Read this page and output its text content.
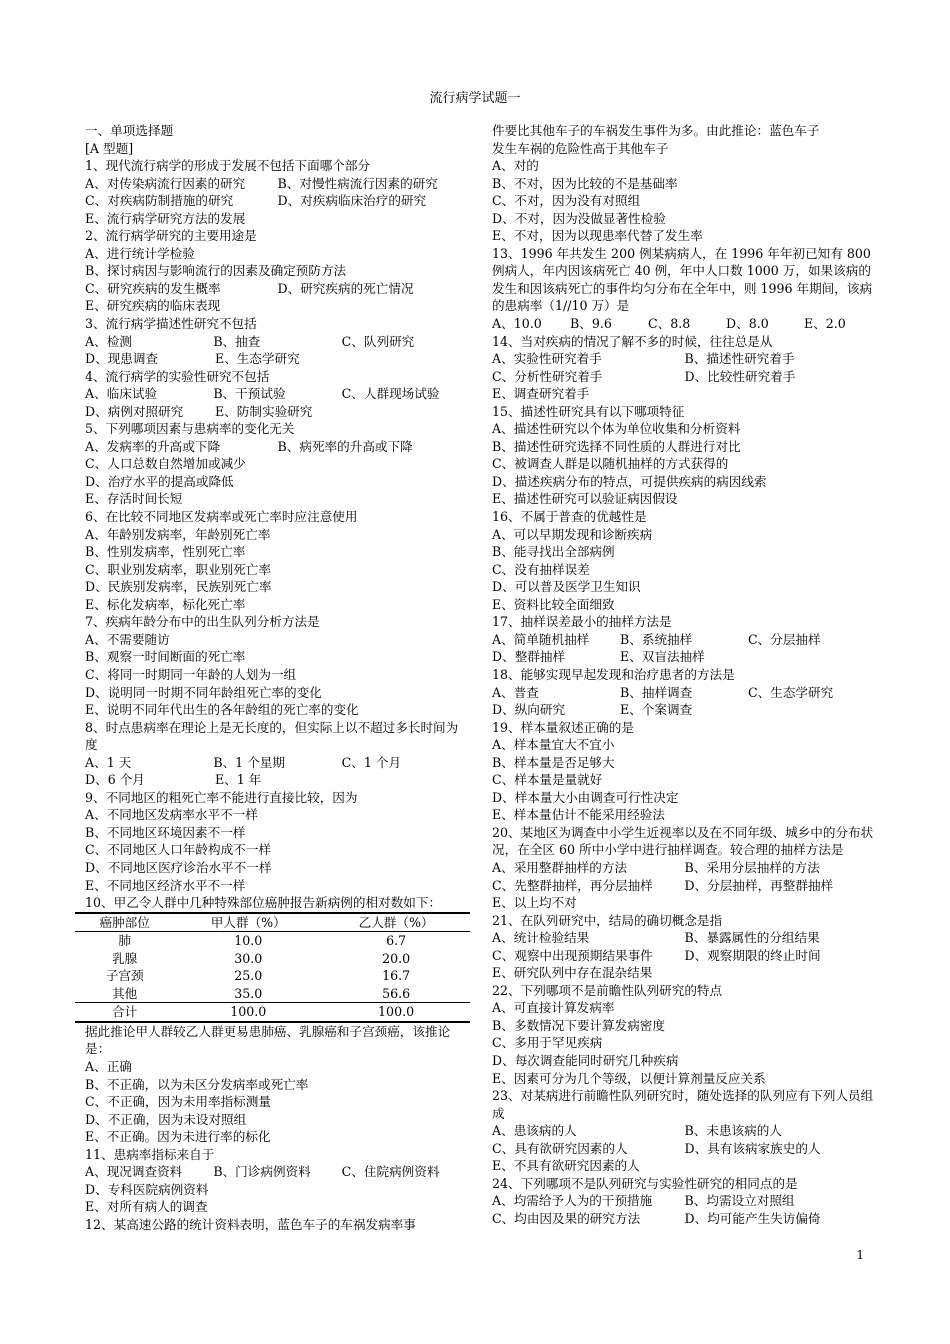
流行病学试题一
一、单项选择题
[A 型题]
1、现代流行病学的形成于发展不包括下面哪个部分
A、对传染病流行因素的研究	B、对慢性病流行因素的研究
C、对疾病防制措施的研究	D、对疾病临床治疗的研究
E、流行病学研究方法的发展
2、流行病学研究的主要用途是
A、进行统计学检验
B、探讨病因与影响流行的因素及确定预防方法
C、研究疾病的发生概率	D、研究疾病的死亡情况
E、研究疾病的临床表现
3、流行病学描述性研究不包括
A、检测	B、抽查	C、队列研究
D、现患调查	E、生态学研究
4、流行病学的实验性研究不包括
A、临床试验	B、干预试验	C、人群现场试验
D、病例对照研究	E、防制实验研究
5、下列哪项因素与患病率的变化无关
A、发病率的升高或下降	B、病死率的升高或下降
C、人口总数自然增加或减少
D、治疗水平的提高或降低
E、存活时间长短
6、在比较不同地区发病率或死亡率时应注意使用
A、年龄别发病率，年龄别死亡率
B、性别发病率，性别死亡率
C、职业别发病率，职业别死亡率
D、民族别发病率，民族别死亡率
E、标化发病率，标化死亡率
7、疾病年龄分布中的出生队列分析方法是
A、不需要随访
B、观察一时间断面的死亡率
C、将同一时期同一年龄的人划为一组
D、说明同一时期不同年龄组死亡率的变化
E、说明不同年代出生的各年龄组的死亡率的变化
8、时点患病率在理论上是无长度的，但实际上以不超过多长时间为度
A、1 天	B、1 个星期	C、1 个月
D、6 个月	E、1 年
9、不同地区的粗死亡率不能进行直接比较，因为
A、不同地区发病率水平不一样
B、不同地区环境因素不一样
C、不同地区人口年龄构成不一样
D、不同地区医疗诊治水平不一样
E、不同地区经济水平不一样
10、甲乙令人群中几种特殊部位癌肿报告新病例的相对数如下：
癌肿部位	甲人群（%）	乙人群（%）
肺	10.0	6.7
乳腺	30.0	20.0
子宫颈	25.0	16.7
其他	35.0	56.6
合计	100.0	100.0
据此推论甲人群较乙人群更易患肺癌、乳腺癌和子宫颈癌，该推论是：
A、正确
B、不正确，以为未区分发病率或死亡率
C、不正确，因为未用率指标测量
D、不正确，因为未设对照组
E、不正确。因为未进行率的标化
11、患病率指标来自于
A、现况调查资料	B、门诊病例资料	C、住院病例资料
D、专科医院病例资料
E、对所有病人的调查
12、某高速公路的统计资料表明，蓝色车子的车祸发病率事
件要比其他车子的车祸发生事件为多。由此推论：蓝色车子
发生车祸的危险性高于其他车子
A、对的
B、不对，因为比较的不是基础率
C、不对，因为没有对照组
D、不对，因为没做显著性检验
E、不对，因为以现患率代替了发生率
13、1996 年共发生 200 例某病病人，在 1996 年年初已知有 800 例病人，年内因该病死亡 40 例，年中人口数 1000 万，如果该病的发生和因该病死亡的事件均匀分布在全年中，则 1996 年期间，该病的患病率（1//10 万）是
A、10.0	B、9.6	C、8.8	D、8.0	E、2.0
14、当对疾病的情况了解不多的时候，往往总是从
A、实验性研究着手	B、描述性研究着手
C、分析性研究着手	D、比较性研究着手
E、调查研究着手
15、描述性研究具有以下哪项特征
A、描述性研究以个体为单位收集和分析资料
B、描述性研究选择不同性质的人群进行对比
C、被调查人群是以随机抽样的方式获得的
D、描述疾病分布的特点，可提供疾病的病因线索
E、描述性研究可以验证病因假设
16、不属于普查的优越性是
A、可以早期发现和诊断疾病
B、能寻找出全部病例
C、没有抽样误差
D、可以普及医学卫生知识
E、资料比较全面细致
17、抽样误差最小的抽样方法是
A、简单随机抽样	B、系统抽样	C、分层抽样
D、整群抽样	E、双盲法抽样
18、能够实现早起发现和治疗患者的方法是
A、普查	B、抽样调查	C、生态学研究
D、纵向研究	E、个案调查
19、样本量叙述正确的是
A、样本量宜大不宜小
B、样本量是否足够大
C、样本量是量就好
D、样本量大小由调查可行性决定
E、样本量估计不能采用经验法
20、某地区为调查中小学生近视率以及在不同年级、城乡中的分布状况，在全区 60 所中小学中进行抽样调查。较合理的抽样方法是
A、采用整群抽样的方法	B、采用分层抽样的方法
C、先整群抽样，再分层抽样	D、分层抽样，再整群抽样
E、以上均不对
21、在队列研究中，结局的确切概念是指
A、统计检验结果	B、暴露属性的分组结果
C、观察中出现预期结果事件	D、观察期限的终止时间
E、研究队列中存在混杂结果
22、下列哪项不是前瞻性队列研究的特点
A、可直接计算发病率
B、多数情况下要计算发病密度
C、多用于罕见疾病
D、每次调查能同时研究几种疾病
E、因素可分为几个等级，以便计算剂量反应关系
23、对某病进行前瞻性队列研究时，随处选择的队列应有下列人员组成
A、患该病的人	B、未患该病的人
C、具有欲研究因素的人	D、具有该病家族史的人
E、不具有欲研究因素的人
24、下列哪项不是队列研究与实验性研究的相同点的是
A、均需给予人为的干预措施	B、均需设立对照组
C、均由因及果的研究方法	D、均可能产生失访偏倚
1
